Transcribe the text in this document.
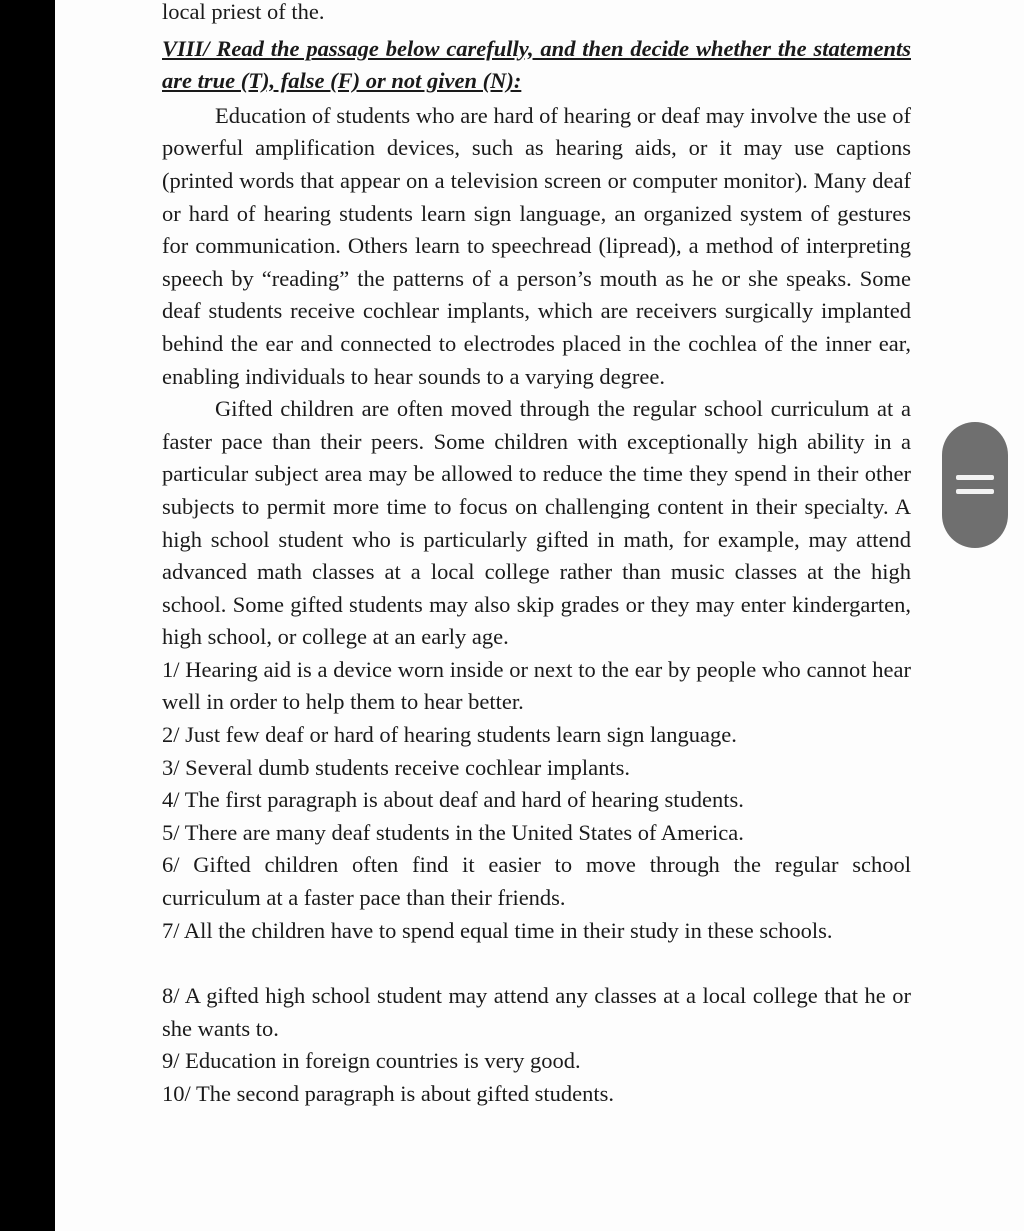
local priest of the.

VIII/ Read the passage below carefully, and then decide whether the statements are true (T), false (F) or not given (N):

Education of students who are hard of hearing or deaf may involve the use of powerful amplification devices, such as hearing aids, or it may use captions (printed words that appear on a television screen or computer monitor). Many deaf or hard of hearing students learn sign language, an organized system of gestures for communication. Others learn to speechread (lipread), a method of interpreting speech by “reading” the patterns of a person’s mouth as he or she speaks. Some deaf students receive cochlear implants, which are receivers surgically implanted behind the ear and connected to electrodes placed in the cochlea of the inner ear, enabling individuals to hear sounds to a varying degree.

Gifted children are often moved through the regular school curriculum at a faster pace than their peers. Some children with exceptionally high ability in a particular subject area may be allowed to reduce the time they spend in their other subjects to permit more time to focus on challenging content in their specialty. A high school student who is particularly gifted in math, for example, may attend advanced math classes at a local college rather than music classes at the high school. Some gifted students may also skip grades or they may enter kindergarten, high school, or college at an early age.

1/ Hearing aid is a device worn inside or next to the ear by people who cannot hear well in order to help them to hear better.

2/ Just few deaf or hard of hearing students learn sign language.

3/ Several dumb students receive cochlear implants.

4/ The first paragraph is about deaf and hard of hearing students.

5/ There are many deaf students in the United States of America.

6/ Gifted children often find it easier to move through the regular school curriculum at a faster pace than their friends.

7/ All the children have to spend equal time in their study in these schools.

8/ A gifted high school student may attend any classes at a local college that he or she wants to.

9/ Education in foreign countries is very good.

10/ The second paragraph is about gifted students.
